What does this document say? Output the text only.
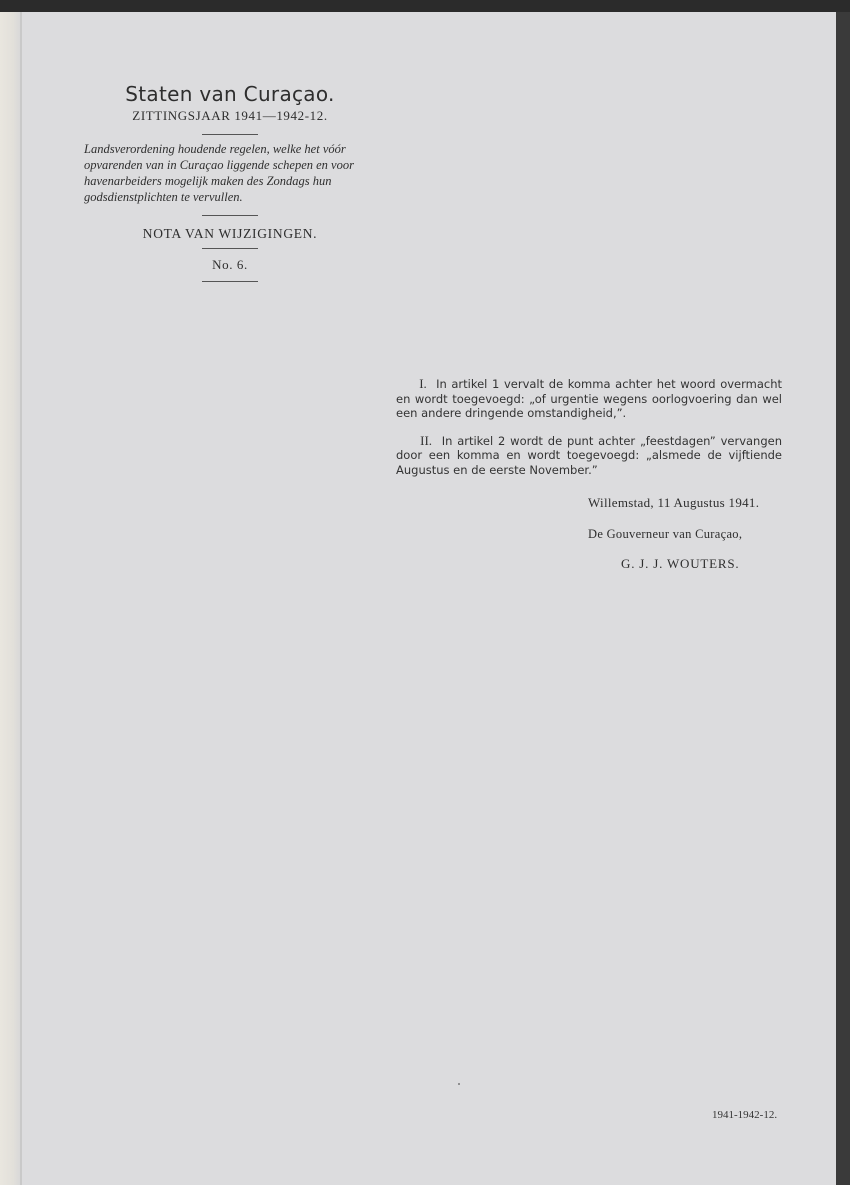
Staten van Curaçao.
ZITTINGSJAAR 1941—1942-12.
Landsverordening houdende regelen, welke het vóór opvarenden van in Curaçao liggende schepen en voor havenarbeiders mogelijk maken des Zondags hun godsdienstplichten te vervullen.
NOTA VAN WIJZIGINGEN.
No. 6.

I. In artikel 1 vervalt de komma achter het woord overmacht en wordt toegevoegd: „of urgentie wegens oorlogvoering dan wel een andere dringende omstandigheid,”.

II. In artikel 2 wordt de punt achter „feestdagen” vervangen door een komma en wordt toegevoegd: „alsmede de vijftiende Augustus en de eerste November.”

Willemstad, 11 Augustus 1941.
De Gouverneur van Curaçao,
G. J. J. WOUTERS.
1941-1942-12.
